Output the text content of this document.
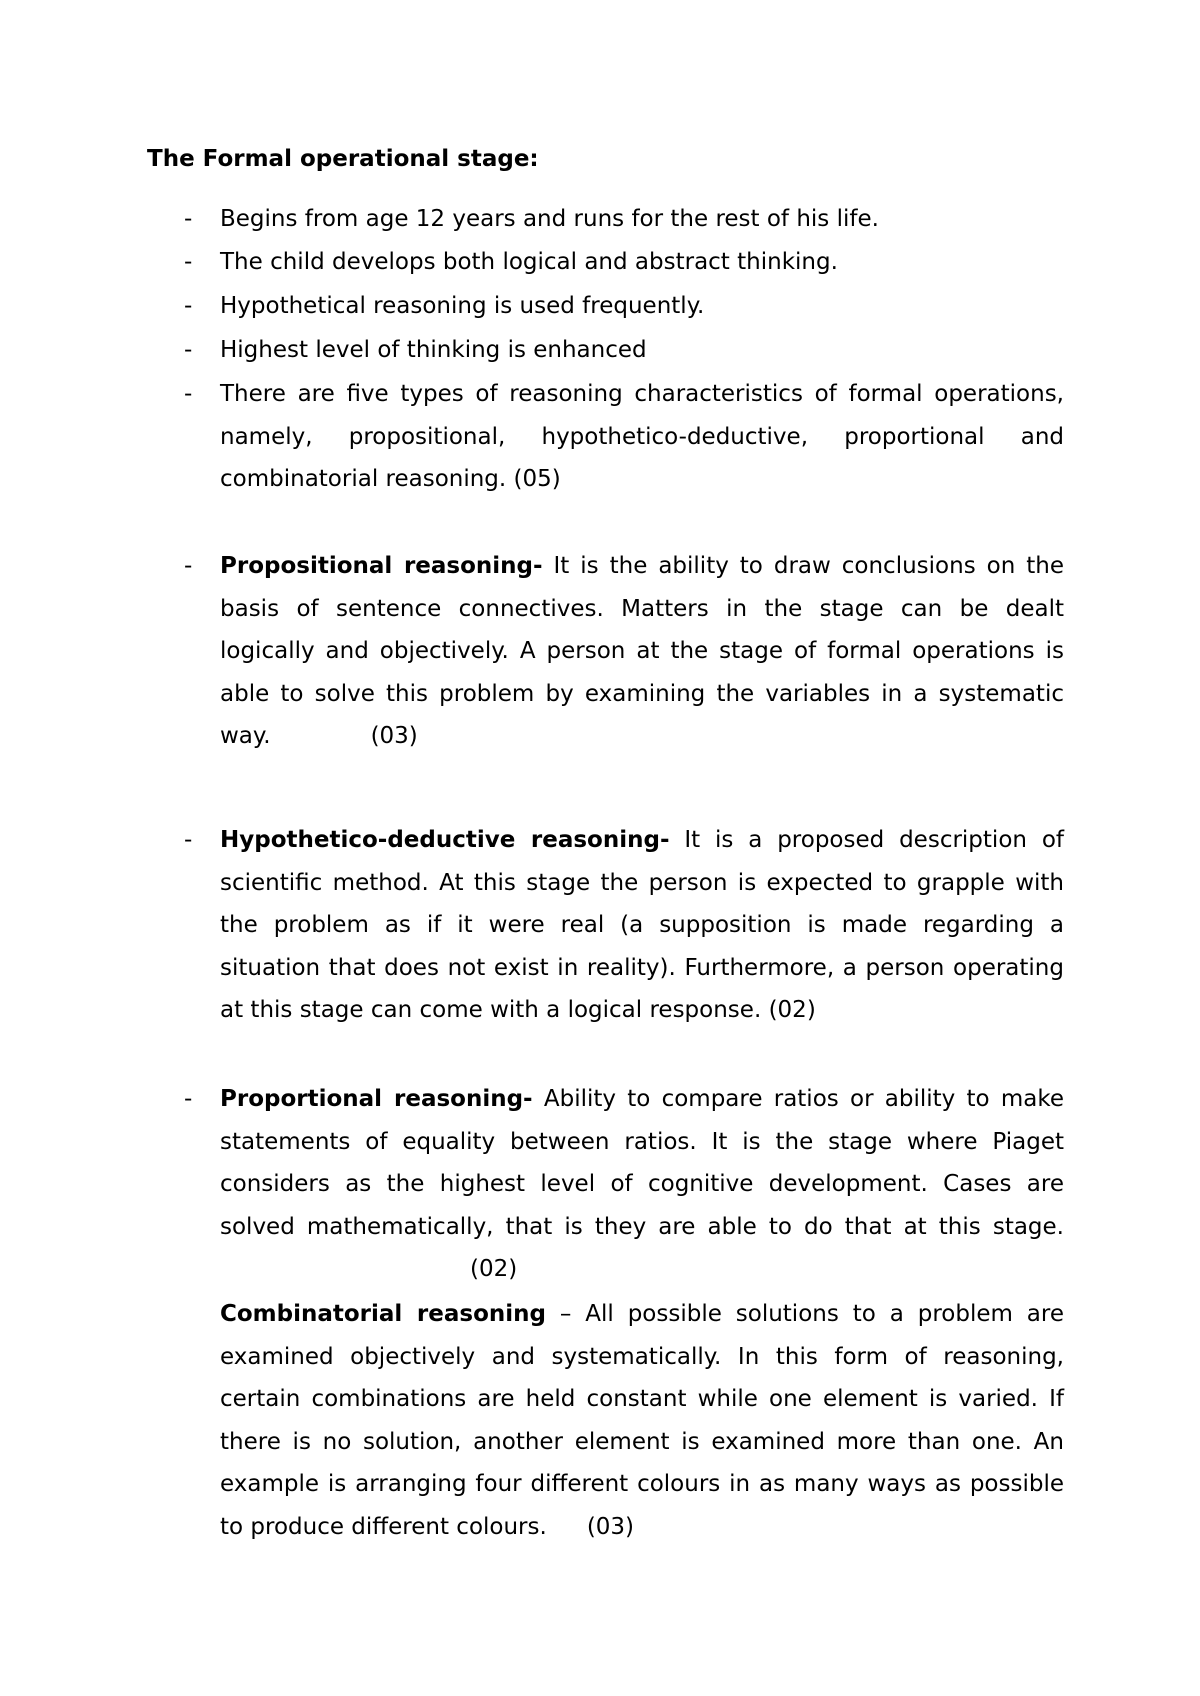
The Formal operational stage:
-	Begins from age 12 years and runs for the rest of his life.
-	The child develops both logical and abstract thinking.
-	Hypothetical reasoning is used frequently.
-	Highest level of thinking is enhanced
-	There are five types of reasoning characteristics of formal operations, namely, propositional, hypothetico-deductive, proportional and combinatorial reasoning. (05)
-	Propositional reasoning- It is the ability to draw conclusions on the basis of sentence connectives. Matters in the stage can be dealt logically and objectively. A person at the stage of formal operations is able to solve this problem by examining the variables in a systematic way.	(03)
-	Hypothetico-deductive reasoning- It is a proposed description of scientific method. At this stage the person is expected to grapple with the problem as if it were real (a supposition is made regarding a situation that does not exist in reality). Furthermore, a person operating at this stage can come with a logical response. (02)
-	Proportional reasoning- Ability to compare ratios or ability to make statements of equality between ratios. It is the stage where Piaget considers as the highest level of cognitive development. Cases are solved mathematically, that is they are able to do that at this stage.(02)
Combinatorial reasoning – All possible solutions to a problem are examined objectively and systematically. In this form of reasoning, certain combinations are held constant while one element is varied. If there is no solution, another element is examined more than one. An example is arranging four different colours in as many ways as possible to produce different colours. (03)
